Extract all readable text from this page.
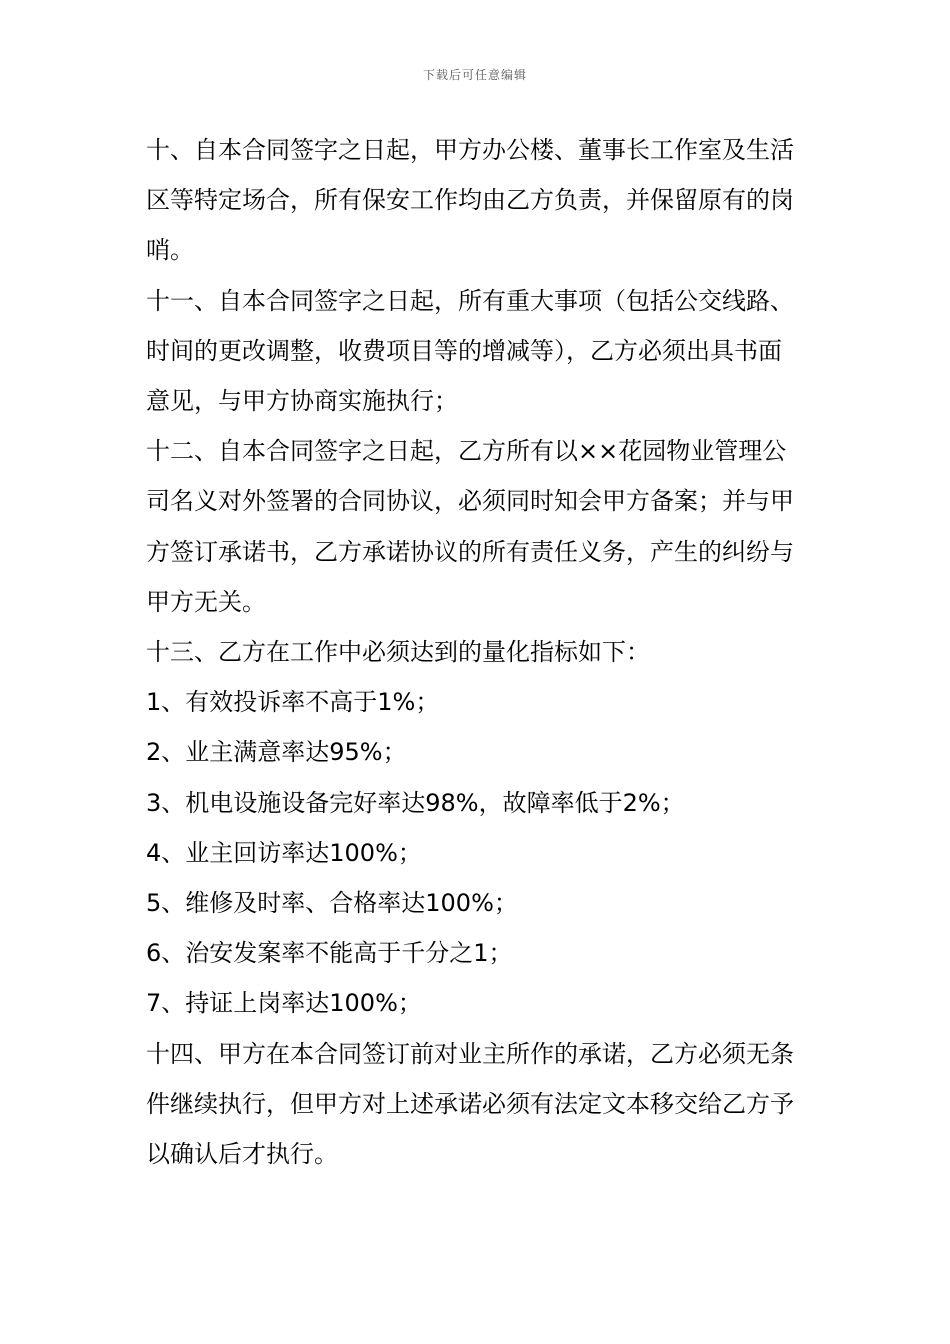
下载后可任意编辑

十、自本合同签字之日起，甲方办公楼、董事长工作室及生活区等特定场合，所有保安工作均由乙方负责，并保留原有的岗哨。

十一、自本合同签字之日起，所有重大事项（包括公交线路、时间的更改调整，收费项目等的增减等），乙方必须出具书面意见，与甲方协商实施执行；

十二、自本合同签字之日起，乙方所有以××花园物业管理公司名义对外签署的合同协议，必须同时知会甲方备案；并与甲方签订承诺书，乙方承诺协议的所有责任义务，产生的纠纷与甲方无关。

十三、乙方在工作中必须达到的量化指标如下：

1、有效投诉率不高于1%；

2、业主满意率达95%；

3、机电设施设备完好率达98%，故障率低于2%；

4、业主回访率达100%；

5、维修及时率、合格率达100%；

6、治安发案率不能高于千分之1；

7、持证上岗率达100%；

十四、甲方在本合同签订前对业主所作的承诺，乙方必须无条件继续执行，但甲方对上述承诺必须有法定文本移交给乙方予以确认后才执行。
